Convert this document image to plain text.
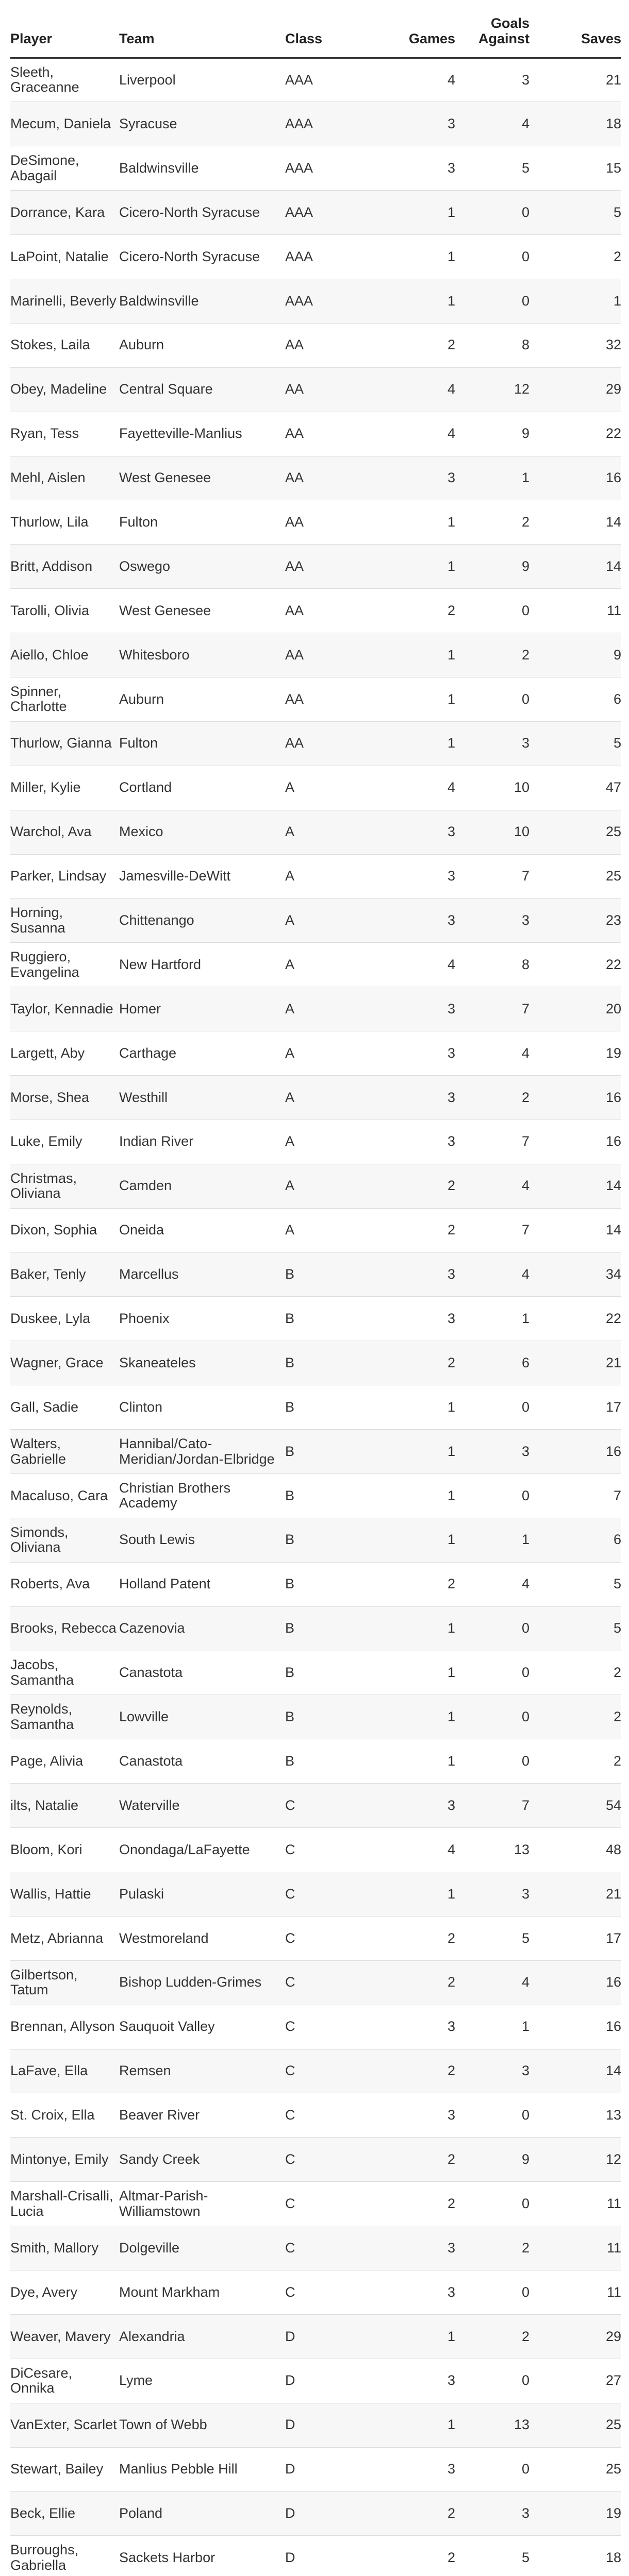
Player	Team	Class	Games	Goals Against	Saves
Sleeth, Graceanne	Liverpool	AAA	4	3	21
Mecum, Daniela	Syracuse	AAA	3	4	18
DeSimone, Abagail	Baldwinsville	AAA	3	5	15
Dorrance, Kara	Cicero-North Syracuse	AAA	1	0	5
LaPoint, Natalie	Cicero-North Syracuse	AAA	1	0	2
Marinelli, Beverly	Baldwinsville	AAA	1	0	1
Stokes, Laila	Auburn	AA	2	8	32
Obey, Madeline	Central Square	AA	4	12	29
Ryan, Tess	Fayetteville-Manlius	AA	4	9	22
Mehl, Aislen	West Genesee	AA	3	1	16
Thurlow, Lila	Fulton	AA	1	2	14
Britt, Addison	Oswego	AA	1	9	14
Tarolli, Olivia	West Genesee	AA	2	0	11
Aiello, Chloe	Whitesboro	AA	1	2	9
Spinner, Charlotte	Auburn	AA	1	0	6
Thurlow, Gianna	Fulton	AA	1	3	5
Miller, Kylie	Cortland	A	4	10	47
Warchol, Ava	Mexico	A	3	10	25
Parker, Lindsay	Jamesville-DeWitt	A	3	7	25
Horning, Susanna	Chittenango	A	3	3	23
Ruggiero, Evangelina	New Hartford	A	4	8	22
Taylor, Kennadie	Homer	A	3	7	20
Largett, Aby	Carthage	A	3	4	19
Morse, Shea	Westhill	A	3	2	16
Luke, Emily	Indian River	A	3	7	16
Christmas, Oliviana	Camden	A	2	4	14
Dixon, Sophia	Oneida	A	2	7	14
Baker, Tenly	Marcellus	B	3	4	34
Duskee, Lyla	Phoenix	B	3	1	22
Wagner, Grace	Skaneateles	B	2	6	21
Gall, Sadie	Clinton	B	1	0	17
Walters, Gabrielle	Hannibal/Cato-Meridian/Jordan-Elbridge	B	1	3	16
Macaluso, Cara	Christian Brothers Academy	B	1	0	7
Simonds, Oliviana	South Lewis	B	1	1	6
Roberts, Ava	Holland Patent	B	2	4	5
Brooks, Rebecca	Cazenovia	B	1	0	5
Jacobs, Samantha	Canastota	B	1	0	2
Reynolds, Samantha	Lowville	B	1	0	2
Page, Alivia	Canastota	B	1	0	2
ilts, Natalie	Waterville	C	3	7	54
Bloom, Kori	Onondaga/LaFayette	C	4	13	48
Wallis, Hattie	Pulaski	C	1	3	21
Metz, Abrianna	Westmoreland	C	2	5	17
Gilbertson, Tatum	Bishop Ludden-Grimes	C	2	4	16
Brennan, Allyson	Sauquoit Valley	C	3	1	16
LaFave, Ella	Remsen	C	2	3	14
St. Croix, Ella	Beaver River	C	3	0	13
Mintonye, Emily	Sandy Creek	C	2	9	12
Marshall-Crisalli, Lucia	Altmar-Parish-Williamstown	C	2	0	11
Smith, Mallory	Dolgeville	C	3	2	11
Dye, Avery	Mount Markham	C	3	0	11
Weaver, Mavery	Alexandria	D	1	2	29
DiCesare, Onnika	Lyme	D	3	0	27
VanExter, Scarlet	Town of Webb	D	1	13	25
Stewart, Bailey	Manlius Pebble Hill	D	3	0	25
Beck, Ellie	Poland	D	2	3	19
Burroughs, Gabriella	Sackets Harbor	D	2	5	18
